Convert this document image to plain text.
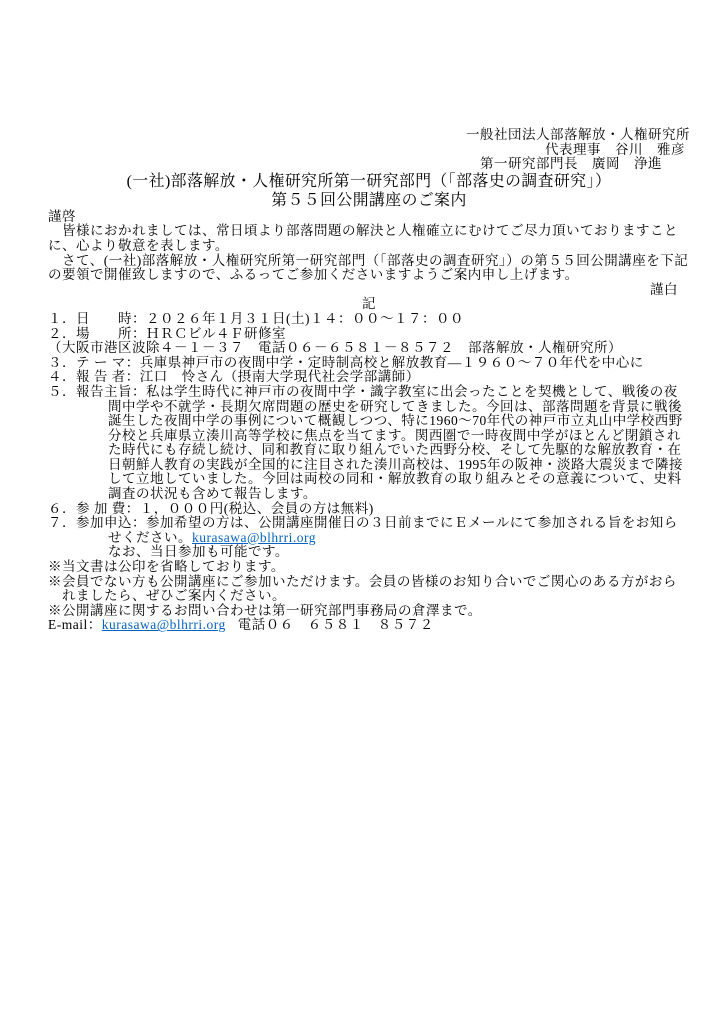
一般社団法人部落解放・人権研究所
代表理事　谷川　雅彦
第一研究部門長　廣岡　浄進
(一社)部落解放・人権研究所第一研究部門（「部落史の調査研究」）
第５５回公開講座のご案内

謹啓

　皆様におかれましては、常日頃より部落問題の解決と人権確立にむけてご尽力頂いておりますことに、心より敬意を表します。

　さて、(一社)部落解放・人権研究所第一研究部門（「部落史の調査研究」）の第５５回公開講座を下記の要領で開催致しますので、ふるってご参加くださいますようご案内申し上げます。

謹白

記

１．日　　時：２０２６年１月３１日(土)１４：００～１７：００

２．場　　所：ＨＲＣビル４Ｆ研修室

（大阪市港区波除４－１－３７　電話０６－６５８１－８５７２　部落解放・人権研究所）

３．テ ー マ：兵庫県神戸市の夜間中学・定時制高校と解放教育―１９６０～７０年代を中心に

４．報 告 者：江口　怜さん（摂南大学現代社会学部講師）

５．報告主旨：私は学生時代に神戸市の夜間中学・識字教室に出会ったことを契機として、戦後の夜間中学や不就学・長期欠席問題の歴史を研究してきました。今回は、部落問題を背景に戦後誕生した夜間中学の事例について概観しつつ、特に1960～70年代の神戸市立丸山中学校西野分校と兵庫県立湊川高等学校に焦点を当てます。関西圏で一時夜間中学がほとんど閉鎖された時代にも存続し続け、同和教育に取り組んでいた西野分校、そして先駆的な解放教育・在日朝鮮人教育の実践が全国的に注目された湊川高校は、1995年の阪神・淡路大震災まで隣接して立地していました。今回は両校の同和・解放教育の取り組みとその意義について、史料調査の状況も含めて報告します。

６．参 加 費：１，０００円(税込、会員の方は無料)

７．参加申込：参加希望の方は、公開講座開催日の３日前までにＥメールにて参加される旨をお知らせください。kurasawa@blhrri.org
なお、当日参加も可能です。

※当文書は公印を省略しております。

※会員でない方も公開講座にご参加いただけます。会員の皆様のお知り合いでご関心のある方がおられましたら、ぜひご案内ください。

※公開講座に関するお問い合わせは第一研究部門事務局の倉澤まで。

E-mail：kurasawa@blhrri.org 電話０６　６５８１　８５７２
